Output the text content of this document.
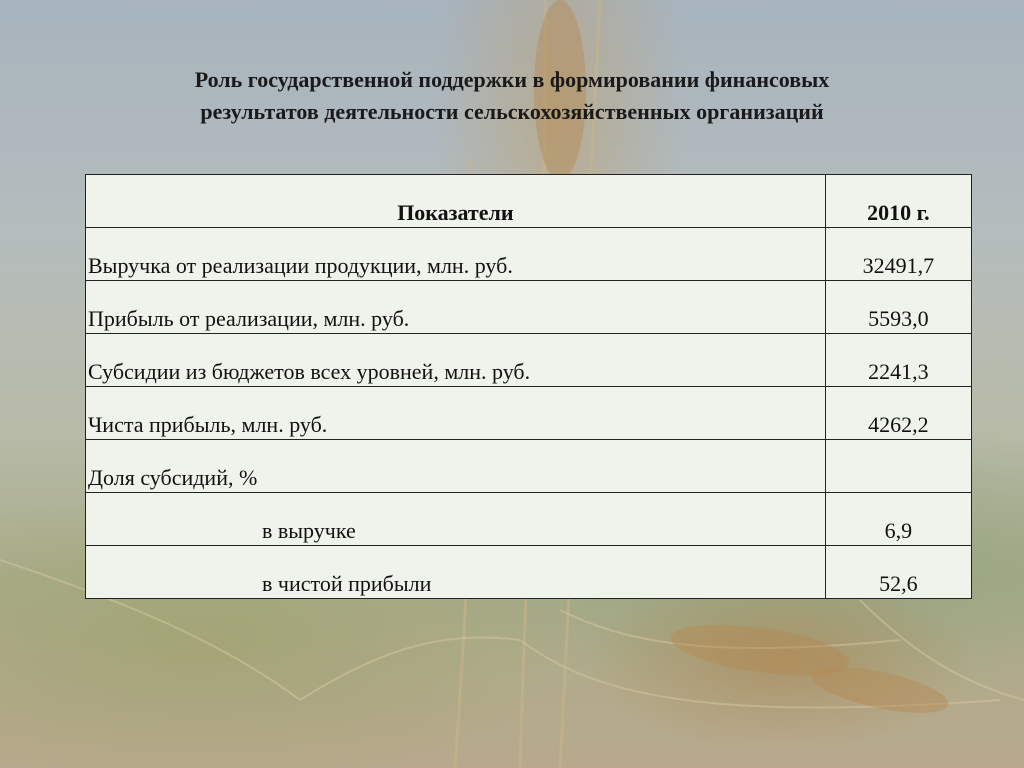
Роль государственной поддержки в формировании финансовых
результатов деятельности сельскохозяйственных организаций
Показатели	2010 г.
Выручка от реализации продукции, млн. руб.	32491,7
Прибыль от реализации, млн. руб.	5593,0
Субсидии из бюджетов всех уровней, млн. руб.	2241,3
Чиста прибыль, млн. руб.	4262,2
Доля субсидий, %	
в выручке	6,9
в чистой прибыли	52,6
